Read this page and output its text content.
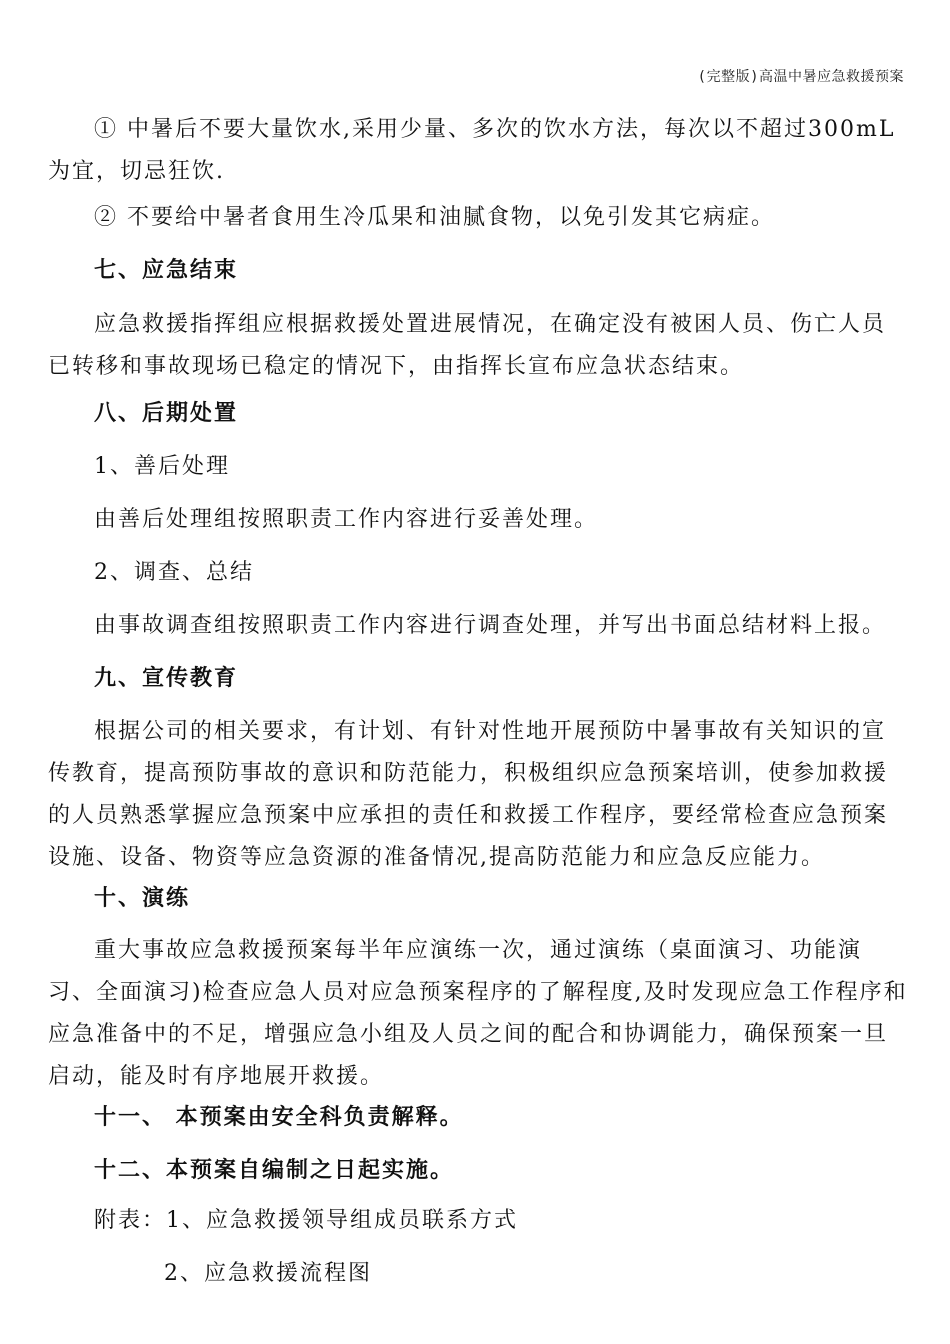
(完整版)高温中暑应急救援预案

① 中暑后不要大量饮水,采用少量、多次的饮水方法，每次以不超过300mL为宜，切忌狂饮.

② 不要给中暑者食用生冷瓜果和油腻食物，以免引发其它病症。

七、应急结束

应急救援指挥组应根据救援处置进展情况，在确定没有被困人员、伤亡人员已转移和事故现场已稳定的情况下，由指挥长宣布应急状态结束。

八、后期处置

1、善后处理

由善后处理组按照职责工作内容进行妥善处理。

2、调查、总结

由事故调查组按照职责工作内容进行调查处理，并写出书面总结材料上报。

九、宣传教育

根据公司的相关要求，有计划、有针对性地开展预防中暑事故有关知识的宣传教育，提高预防事故的意识和防范能力，积极组织应急预案培训，使参加救援的人员熟悉掌握应急预案中应承担的责任和救援工作程序，要经常检查应急预案设施、设备、物资等应急资源的准备情况,提高防范能力和应急反应能力。

十、演练

重大事故应急救援预案每半年应演练一次，通过演练（桌面演习、功能演习、全面演习)检查应急人员对应急预案程序的了解程度,及时发现应急工作程序和应急准备中的不足，增强应急小组及人员之间的配合和协调能力，确保预案一旦启动，能及时有序地展开救援。

十一、 本预案由安全科负责解释。

十二、本预案自编制之日起实施。

附表：1、应急救援领导组成员联系方式

2、应急救援流程图
